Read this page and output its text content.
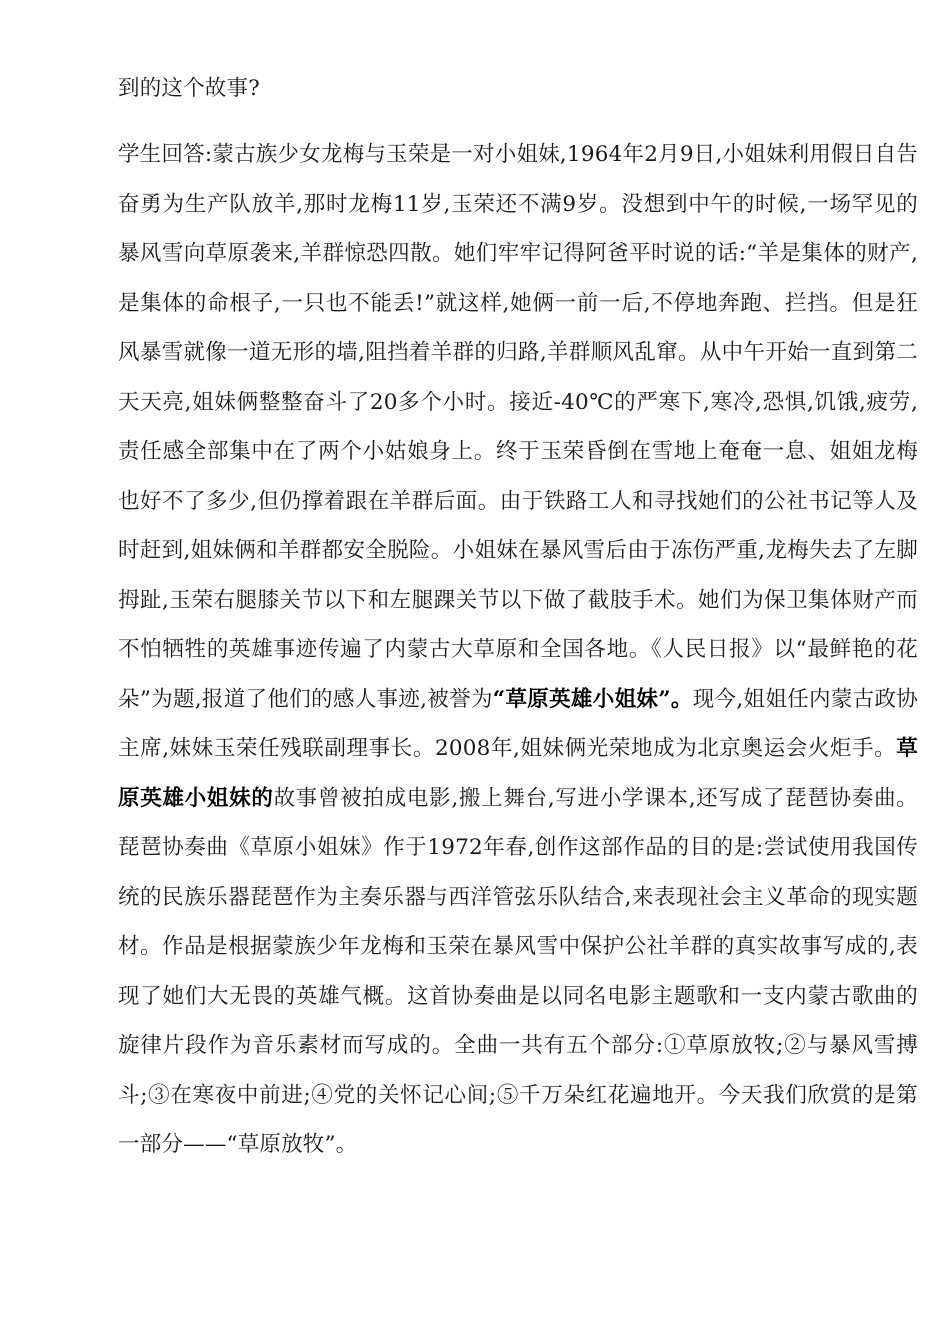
到的这个故事?

学生回答:蒙古族少女龙梅与玉荣是一对小姐妹,1964年2月9日,小姐妹利用假日自告奋勇为生产队放羊,那时龙梅11岁,玉荣还不满9岁。没想到中午的时候,一场罕见的暴风雪向草原袭来,羊群惊恐四散。她们牢牢记得阿爸平时说的话:“羊是集体的财产,是集体的命根子,一只也不能丢!”就这样,她俩一前一后,不停地奔跑、拦挡。但是狂风暴雪就像一道无形的墙,阻挡着羊群的归路,羊群顺风乱窜。从中午开始一直到第二天天亮,姐妹俩整整奋斗了20多个小时。接近-40℃的严寒下,寒冷,恐惧,饥饿,疲劳,责任感全部集中在了两个小姑娘身上。终于玉荣昏倒在雪地上奄奄一息、姐姐龙梅也好不了多少,但仍撑着跟在羊群后面。由于铁路工人和寻找她们的公社书记等人及时赶到,姐妹俩和羊群都安全脱险。小姐妹在暴风雪后由于冻伤严重,龙梅失去了左脚拇趾,玉荣右腿膝关节以下和左腿踝关节以下做了截肢手术。她们为保卫集体财产而不怕牺牲的英雄事迹传遍了内蒙古大草原和全国各地。《人民日报》以“最鲜艳的花朵”为题,报道了他们的感人事迹,被誉为“草原英雄小姐妹”。现今,姐姐任内蒙古政协主席,妹妹玉荣任残联副理事长。2008年,姐妹俩光荣地成为北京奥运会火炬手。草原英雄小姐妹的故事曾被拍成电影,搬上舞台,写进小学课本,还写成了琵琶协奏曲。琵琶协奏曲《草原小姐妹》作于1972年春,创作这部作品的目的是:尝试使用我国传统的民族乐器琵琶作为主奏乐器与西洋管弦乐队结合,来表现社会主义革命的现实题材。作品是根据蒙族少年龙梅和玉荣在暴风雪中保护公社羊群的真实故事写成的,表现了她们大无畏的英雄气概。这首协奏曲是以同名电影主题歌和一支内蒙古歌曲的旋律片段作为音乐素材而写成的。全曲一共有五个部分:①草原放牧;②与暴风雪搏斗;③在寒夜中前进;④党的关怀记心间;⑤千万朵红花遍地开。今天我们欣赏的是第一部分——“草原放牧”。
